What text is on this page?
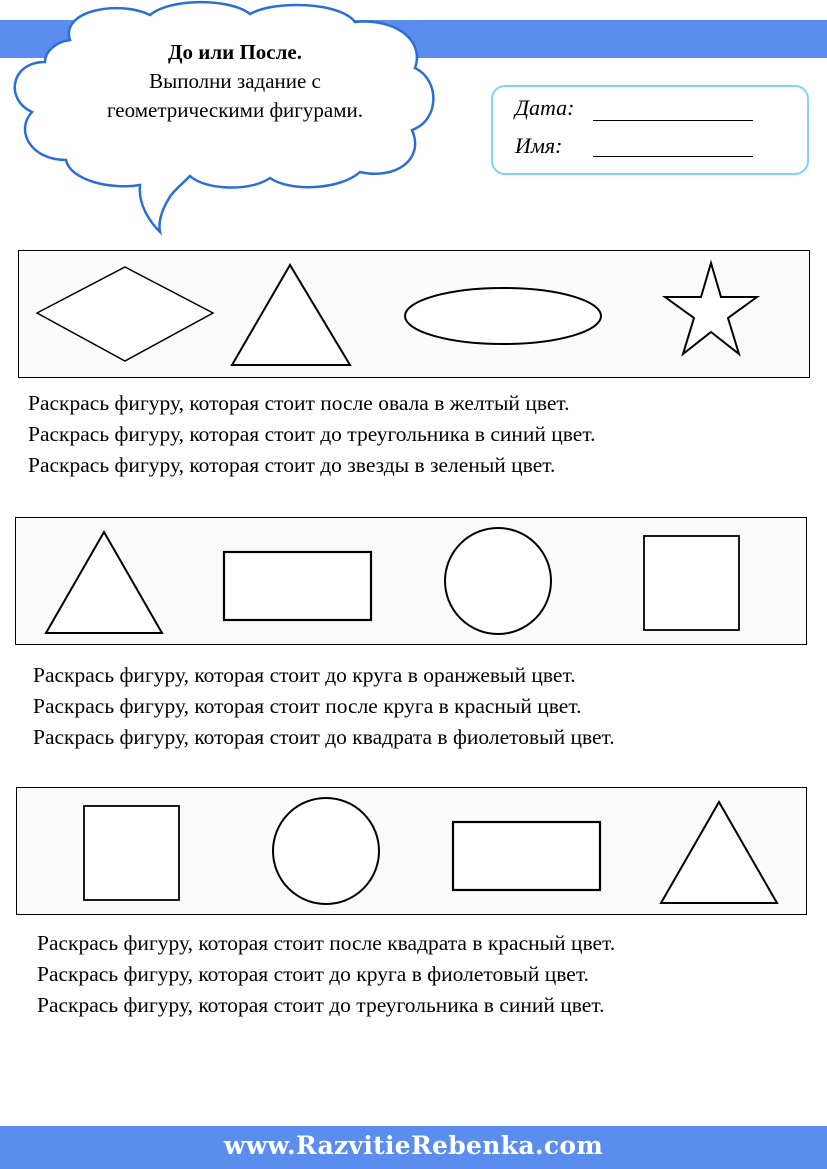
До или После.
Выполни задание с
геометрическими фигурами.	Дата:
Имя:
Раскрась фигуру, которая стоит после овала в желтый цвет.
Раскрась фигуру, которая стоит до треугольника в синий цвет.
Раскрась фигуру, которая стоит до звезды в зеленый цвет.
Раскрась фигуру, которая стоит до круга в оранжевый цвет.
Раскрась фигуру, которая стоит после круга в красный цвет.
Раскрась фигуру, которая стоит до квадрата в фиолетовый цвет.
Раскрась фигуру, которая стоит после квадрата в красный цвет.
Раскрась фигуру, которая стоит до круга в фиолетовый цвет.
Раскрась фигуру, которая стоит до треугольника в синий цвет.
www.RazvitieRebenka.com
